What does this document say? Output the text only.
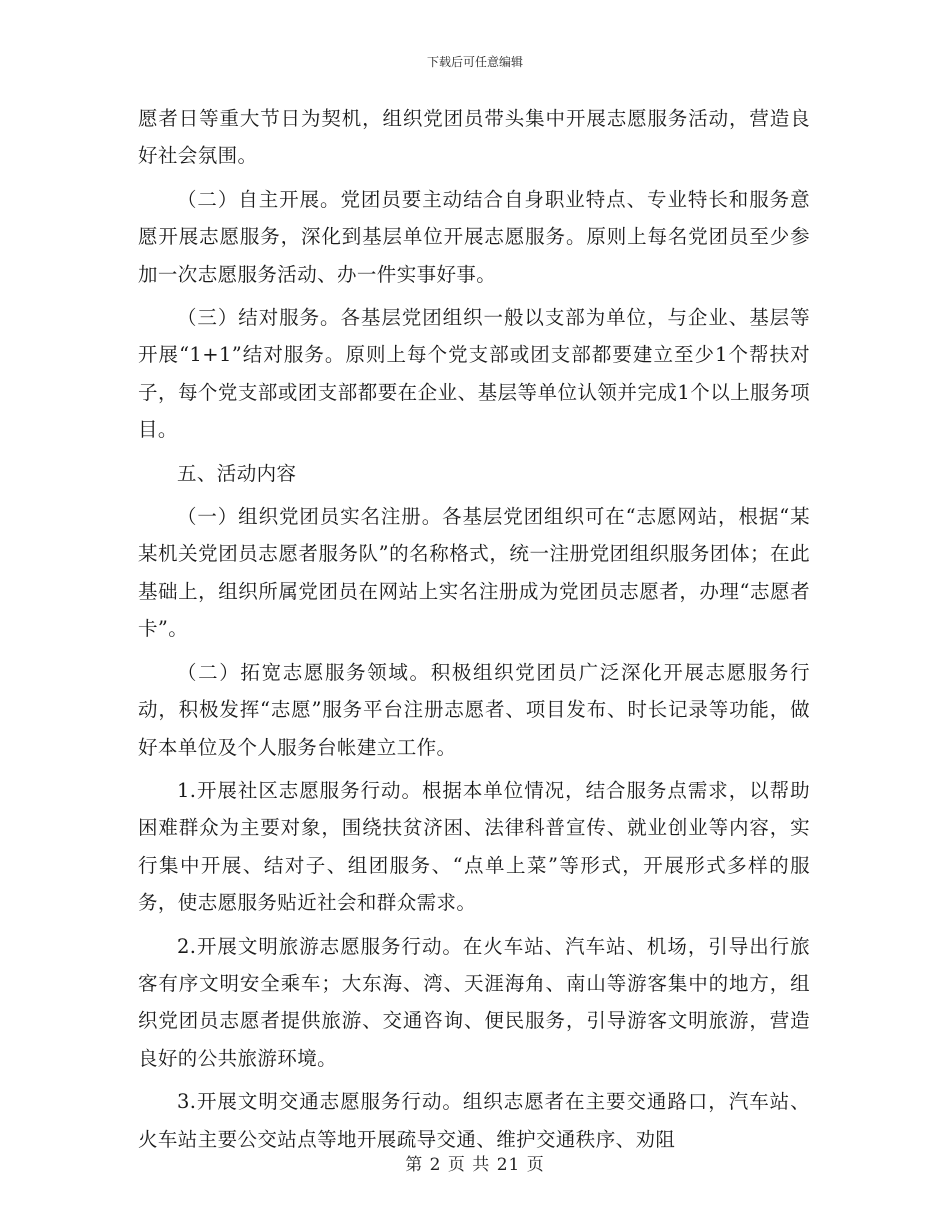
下载后可任意编辑

愿者日等重大节日为契机，组织党团员带头集中开展志愿服务活动，营造良好社会氛围。

（二）自主开展。党团员要主动结合自身职业特点、专业特长和服务意愿开展志愿服务，深化到基层单位开展志愿服务。原则上每名党团员至少参加一次志愿服务活动、办一件实事好事。

（三）结对服务。各基层党团组织一般以支部为单位，与企业、基层等开展“1+1”结对服务。原则上每个党支部或团支部都要建立至少1个帮扶对子，每个党支部或团支部都要在企业、基层等单位认领并完成1个以上服务项目。

五、活动内容

（一）组织党团员实名注册。各基层党团组织可在“志愿网站，根据“某某机关党团员志愿者服务队”的名称格式，统一注册党团组织服务团体；在此基础上，组织所属党团员在网站上实名注册成为党团员志愿者，办理“志愿者卡”。

（二）拓宽志愿服务领域。积极组织党团员广泛深化开展志愿服务行动，积极发挥“志愿”服务平台注册志愿者、项目发布、时长记录等功能，做好本单位及个人服务台帐建立工作。

1.开展社区志愿服务行动。根据本单位情况，结合服务点需求，以帮助困难群众为主要对象，围绕扶贫济困、法律科普宣传、就业创业等内容，实行集中开展、结对子、组团服务、“点单上菜”等形式，开展形式多样的服务，使志愿服务贴近社会和群众需求。

2.开展文明旅游志愿服务行动。在火车站、汽车站、机场，引导出行旅客有序文明安全乘车；大东海、湾、天涯海角、南山等游客集中的地方，组织党团员志愿者提供旅游、交通咨询、便民服务，引导游客文明旅游，营造良好的公共旅游环境。

3.开展文明交通志愿服务行动。组织志愿者在主要交通路口，汽车站、火车站主要公交站点等地开展疏导交通、维护交通秩序、劝阻

第 2 页 共 21 页
